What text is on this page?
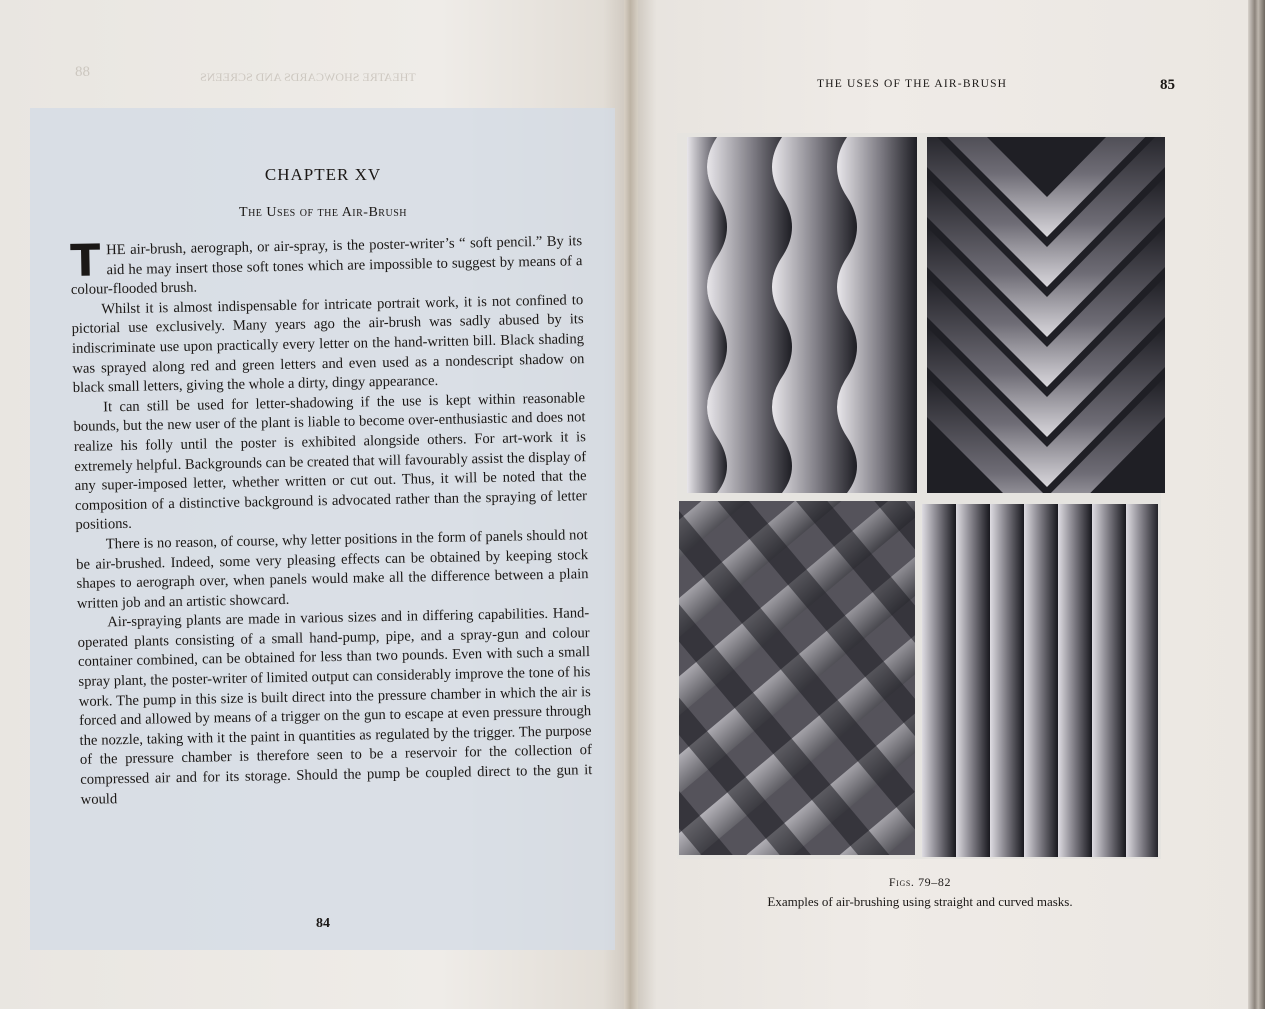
THEATRE SHOWCARDS AND SCREENS
88
CHAPTER XV
The Uses of the Air-Brush

THE air-brush, aerograph, or air-spray, is the poster-writer’s “ soft pencil.” By its aid he may insert those soft tones which are impossible to suggest by means of a colour-flooded brush.

Whilst it is almost indispensable for intricate portrait work, it is not confined to pictorial use exclusively. Many years ago the air-brush was sadly abused by its indiscriminate use upon practically every letter on the hand-written bill. Black shading was sprayed along red and green letters and even used as a nondescript shadow on black small letters, giving the whole a dirty, dingy appearance.

It can still be used for letter-shadowing if the use is kept within reasonable bounds, but the new user of the plant is liable to become over-enthusiastic and does not realize his folly until the poster is exhibited alongside others. For art-work it is extremely helpful. Backgrounds can be created that will favourably assist the display of any super-imposed letter, whether written or cut out. Thus, it will be noted that the composition of a distinctive background is advocated rather than the spraying of letter positions.

There is no reason, of course, why letter positions in the form of panels should not be air-brushed. Indeed, some very pleasing effects can be obtained by keeping stock shapes to aerograph over, when panels would make all the difference between a plain written job and an artistic showcard.

Air-spraying plants are made in various sizes and in differing capabilities. Hand-operated plants consisting of a small hand-pump, pipe, and a spray-gun and colour container combined, can be obtained for less than two pounds. Even with such a small spray plant, the poster-writer of limited output can considerably improve the tone of his work. The pump in this size is built direct into the pressure chamber in which the air is forced and allowed by means of a trigger on the gun to escape at even pressure through the nozzle, taking with it the paint in quantities as regulated by the trigger. The purpose of the pressure chamber is therefore seen to be a reservoir for the collection of compressed air and for its storage. Should the pump be coupled direct to the gun it would

84
THE USES OF THE AIR-BRUSH	85
Figs. 79–82
Examples of air-brushing using straight and curved masks.
